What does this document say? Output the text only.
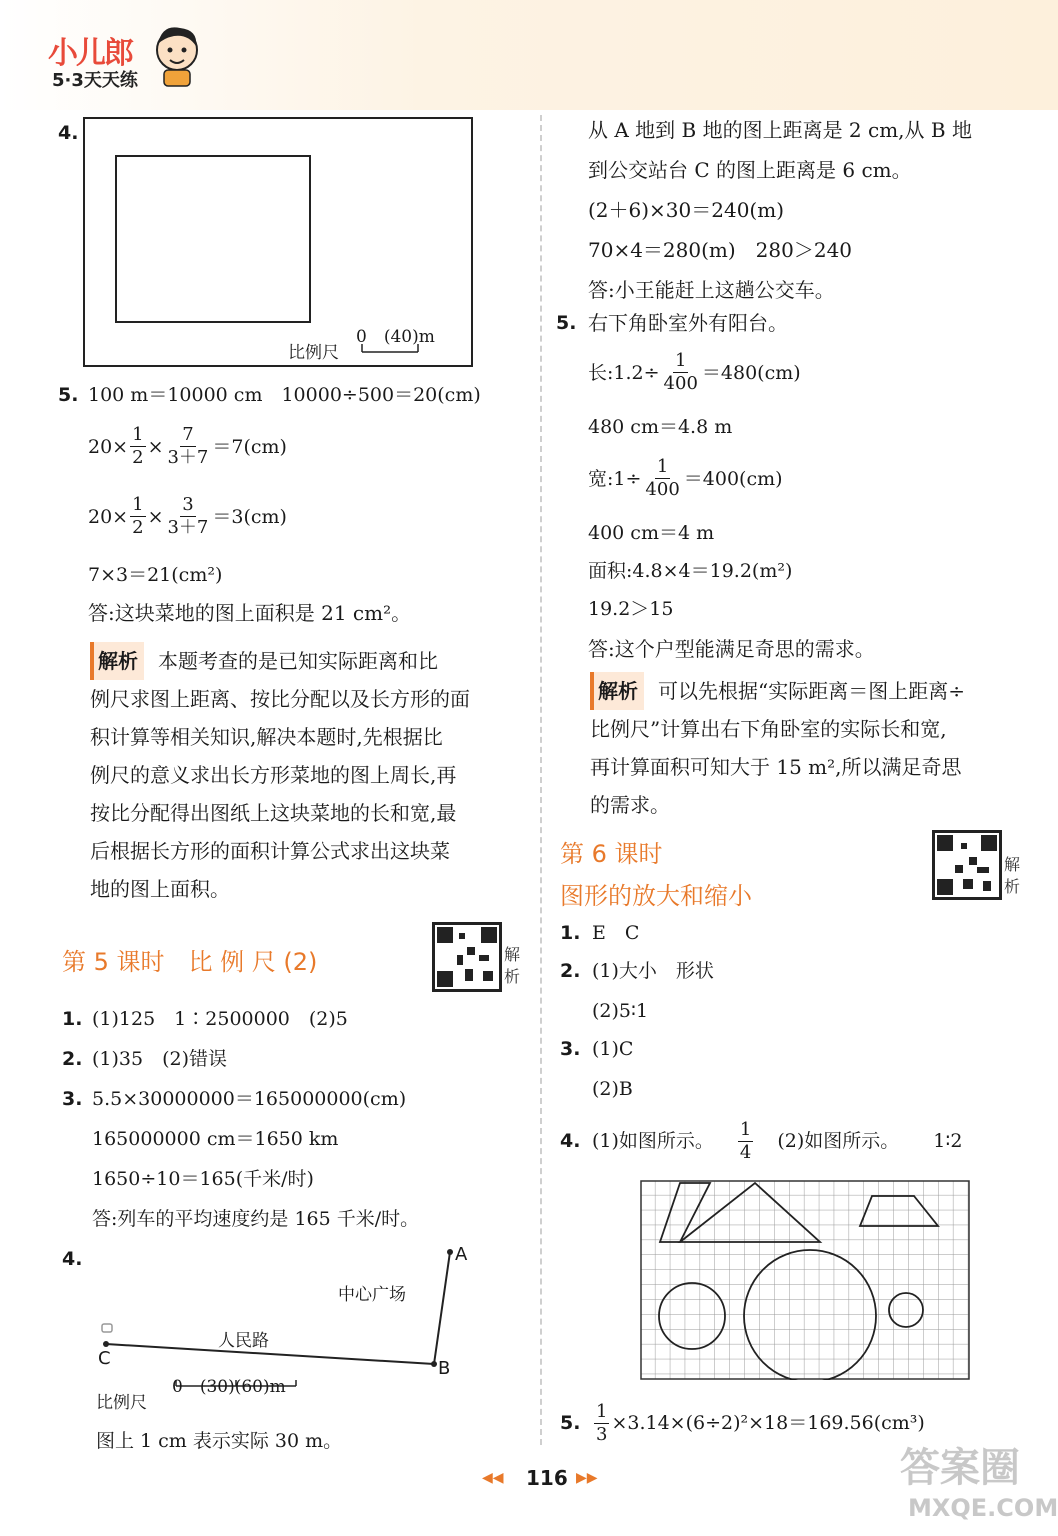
小儿郎
5·3天天练
4.
比例尺
0　(40)m
5. 100 m＝10000 cm　10000÷500＝20(cm)
$20\times \frac{1}{2} \times \frac{7}{3+7} =7(cm)$
$20\times \frac{1}{2} \times \frac{3}{3+7} =3(cm)$
7×3＝21(cm²)
答:这块菜地的图上面积是 21 cm²。
解析 本题考查的是已知实际距离和比
例尺求图上距离、按比分配以及长方形的面
积计算等相关知识,解决本题时,先根据比
例尺的意义求出长方形菜地的图上周长,再
按比分配得出图纸上这块菜地的长和宽,最
后根据长方形的面积计算公式求出这块菜
地的图上面积。
第 5 课时　比 例 尺 (2)	解
析
1. (1)125　1∶2500000　(2)5
2. (1)35　(2)错误
3. 5.5×30000000＝165000000(cm)
165000000 cm＝1650 km
1650÷10＝165(千米/时)
答:列车的平均速度约是 165 千米/时。
4.	A
B
C
中心广场
人民路
比例尺
0　(30)(60)m
图上 1 cm 表示实际 30 m。
从 A 地到 B 地的图上距离是 2 cm,从 B 地
到公交站台 C 的图上距离是 6 cm。
(2＋6)×30＝240(m)
70×4＝280(m)　280＞240
答:小王能赶上这趟公交车。
5. 右下角卧室外有阳台。
长:1.2÷ $\frac{1}{400} =480(cm)$
480 cm＝4.8 m
宽:1÷ $\frac{1}{400} =400(cm)$
400 cm＝4 m
面积:4.8×4＝19.2(m²)
19.2＞15
答:这个户型能满足奇思的需求。
解析 可以先根据“实际距离＝图上距离÷
比例尺”计算出右下角卧室的实际长和宽,
再计算面积可知大于 15 m²,所以满足奇思
的需求。
第 6 课时
图形的放大和缩小
解
析
1. E　C
2. (1)大小　形状
(2)5∶1
3. (1)C
(2)B
4. (1)如图所示。 $\frac{1}{4} (2)$如图所示。 1∶2
5. $\frac{1}{3} \times 3.14\times(6\div 2)^2\times 18=169.56(cm^3)$
◀◀ 116 ▶▶	答案圈
MXQE.COM
